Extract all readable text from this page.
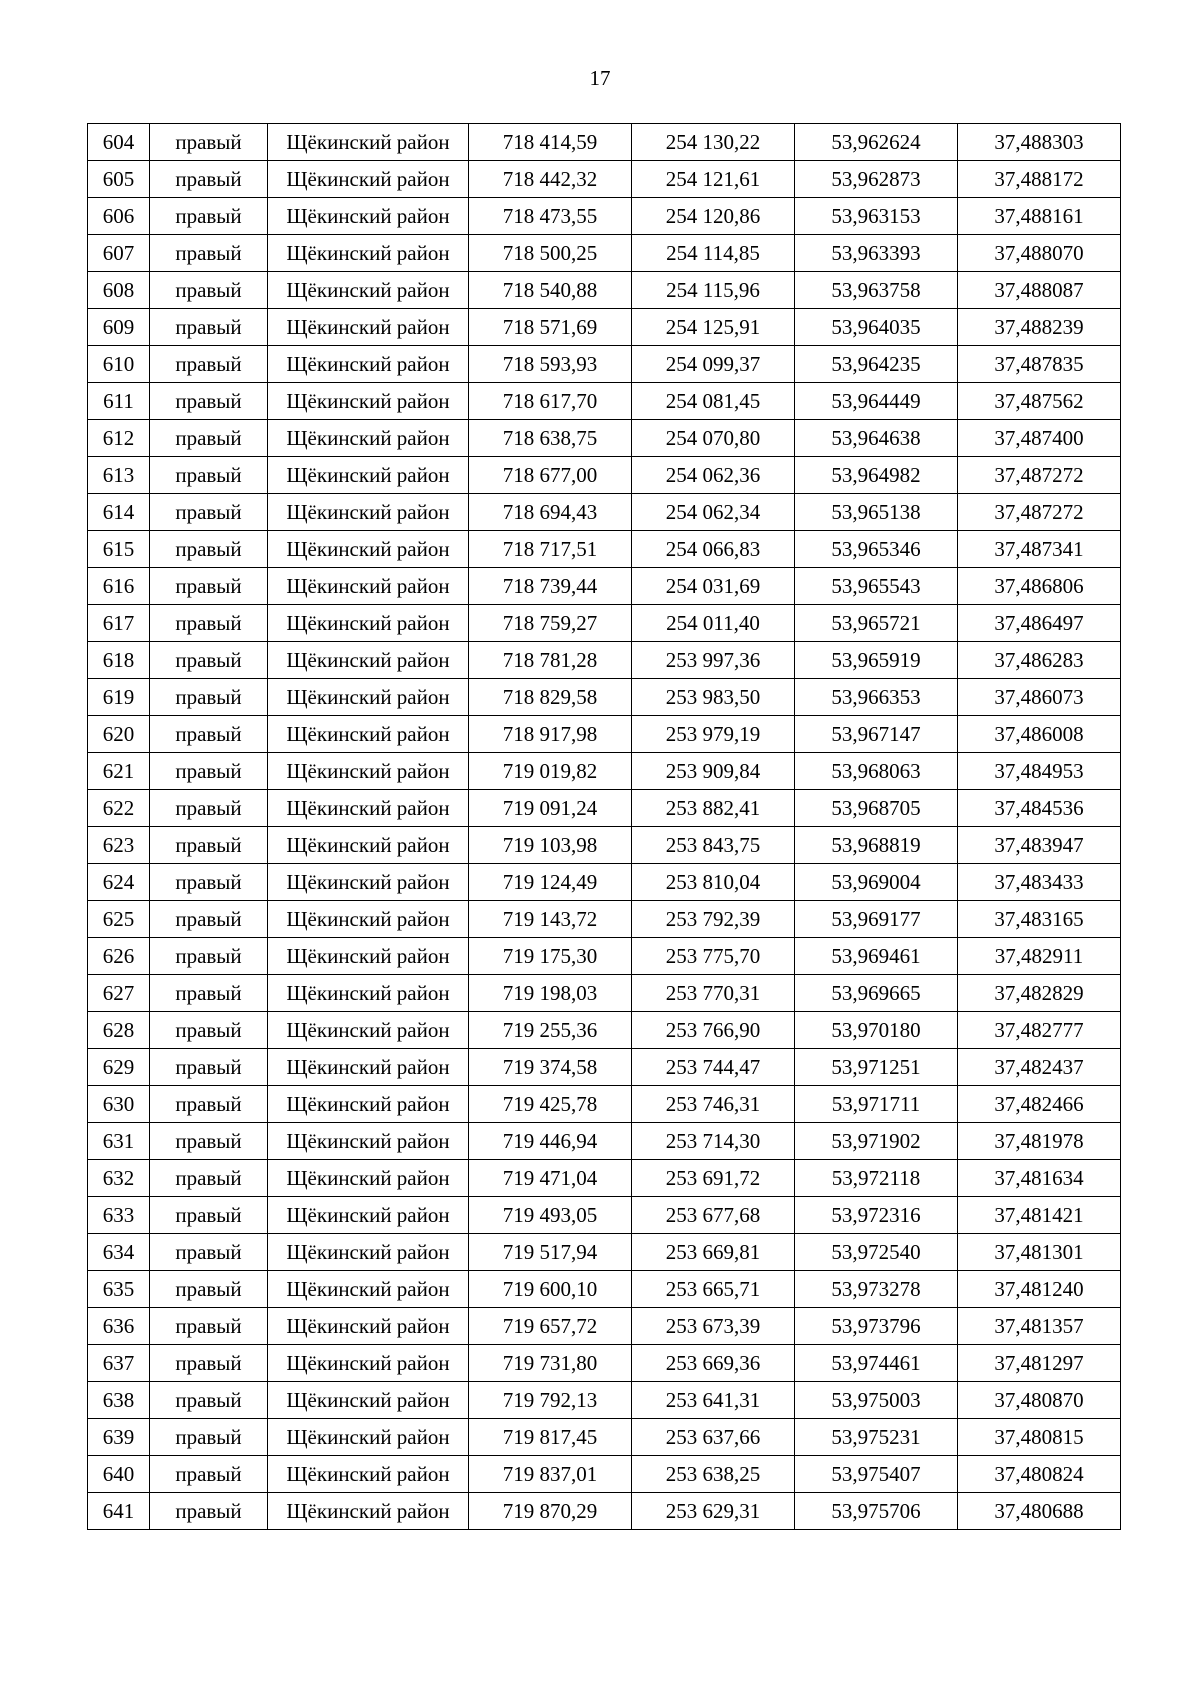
17
604	правый	Щёкинский район	718 414,59	254 130,22	53,962624	37,488303
605	правый	Щёкинский район	718 442,32	254 121,61	53,962873	37,488172
606	правый	Щёкинский район	718 473,55	254 120,86	53,963153	37,488161
607	правый	Щёкинский район	718 500,25	254 114,85	53,963393	37,488070
608	правый	Щёкинский район	718 540,88	254 115,96	53,963758	37,488087
609	правый	Щёкинский район	718 571,69	254 125,91	53,964035	37,488239
610	правый	Щёкинский район	718 593,93	254 099,37	53,964235	37,487835
611	правый	Щёкинский район	718 617,70	254 081,45	53,964449	37,487562
612	правый	Щёкинский район	718 638,75	254 070,80	53,964638	37,487400
613	правый	Щёкинский район	718 677,00	254 062,36	53,964982	37,487272
614	правый	Щёкинский район	718 694,43	254 062,34	53,965138	37,487272
615	правый	Щёкинский район	718 717,51	254 066,83	53,965346	37,487341
616	правый	Щёкинский район	718 739,44	254 031,69	53,965543	37,486806
617	правый	Щёкинский район	718 759,27	254 011,40	53,965721	37,486497
618	правый	Щёкинский район	718 781,28	253 997,36	53,965919	37,486283
619	правый	Щёкинский район	718 829,58	253 983,50	53,966353	37,486073
620	правый	Щёкинский район	718 917,98	253 979,19	53,967147	37,486008
621	правый	Щёкинский район	719 019,82	253 909,84	53,968063	37,484953
622	правый	Щёкинский район	719 091,24	253 882,41	53,968705	37,484536
623	правый	Щёкинский район	719 103,98	253 843,75	53,968819	37,483947
624	правый	Щёкинский район	719 124,49	253 810,04	53,969004	37,483433
625	правый	Щёкинский район	719 143,72	253 792,39	53,969177	37,483165
626	правый	Щёкинский район	719 175,30	253 775,70	53,969461	37,482911
627	правый	Щёкинский район	719 198,03	253 770,31	53,969665	37,482829
628	правый	Щёкинский район	719 255,36	253 766,90	53,970180	37,482777
629	правый	Щёкинский район	719 374,58	253 744,47	53,971251	37,482437
630	правый	Щёкинский район	719 425,78	253 746,31	53,971711	37,482466
631	правый	Щёкинский район	719 446,94	253 714,30	53,971902	37,481978
632	правый	Щёкинский район	719 471,04	253 691,72	53,972118	37,481634
633	правый	Щёкинский район	719 493,05	253 677,68	53,972316	37,481421
634	правый	Щёкинский район	719 517,94	253 669,81	53,972540	37,481301
635	правый	Щёкинский район	719 600,10	253 665,71	53,973278	37,481240
636	правый	Щёкинский район	719 657,72	253 673,39	53,973796	37,481357
637	правый	Щёкинский район	719 731,80	253 669,36	53,974461	37,481297
638	правый	Щёкинский район	719 792,13	253 641,31	53,975003	37,480870
639	правый	Щёкинский район	719 817,45	253 637,66	53,975231	37,480815
640	правый	Щёкинский район	719 837,01	253 638,25	53,975407	37,480824
641	правый	Щёкинский район	719 870,29	253 629,31	53,975706	37,480688
